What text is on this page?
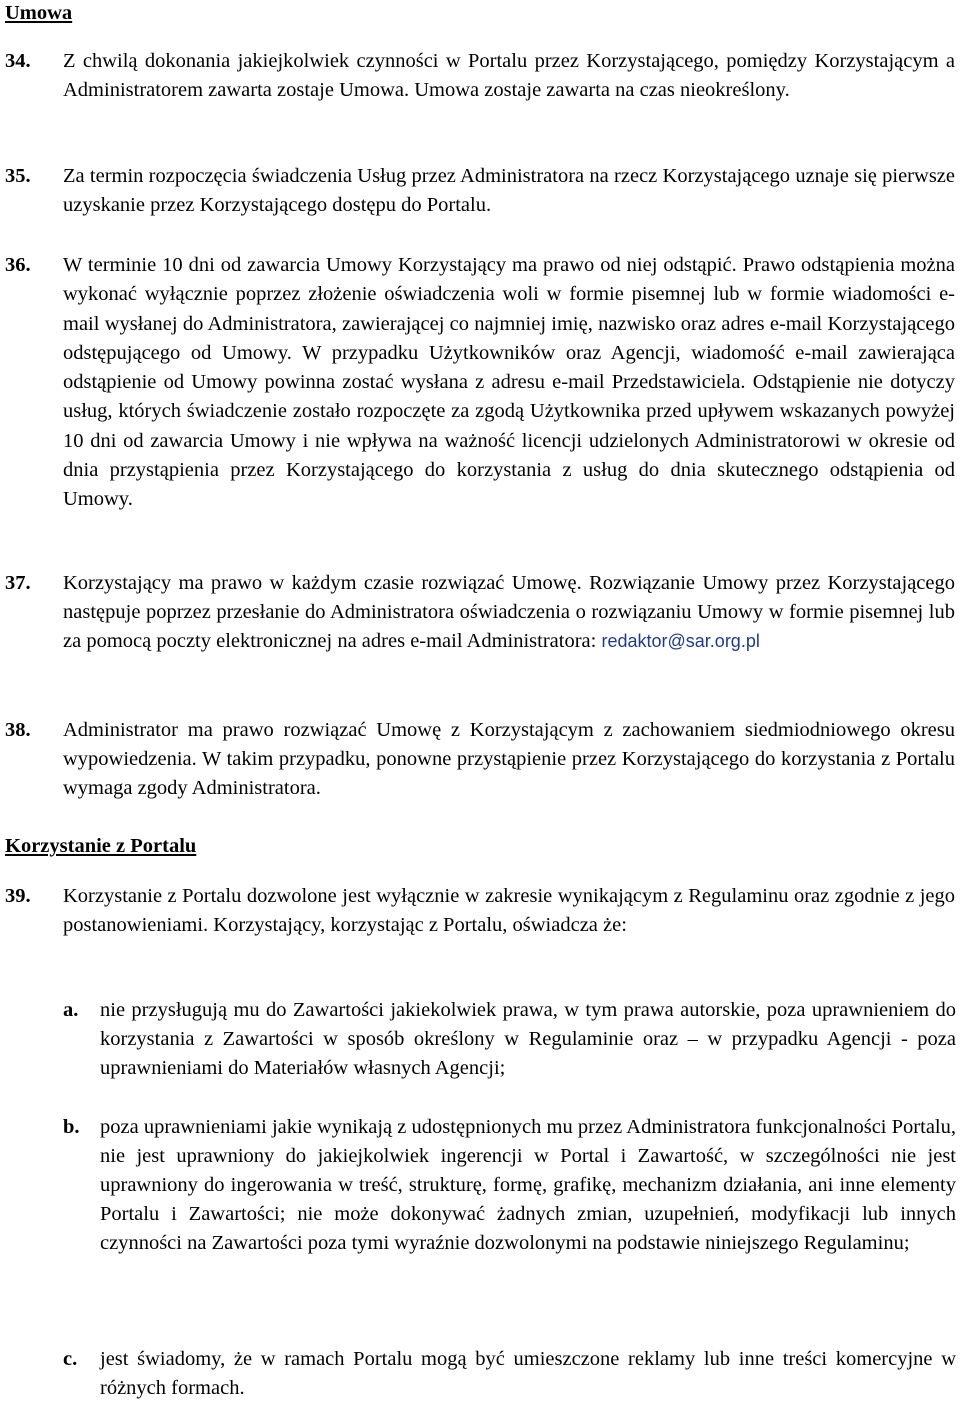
Umowa
34. Z chwilą dokonania jakiejkolwiek czynności w Portalu przez Korzystającego, pomiędzy Korzystającym a Administratorem zawarta zostaje Umowa. Umowa zostaje zawarta na czas nieokreślony.

35. Za termin rozpoczęcia świadczenia Usług przez Administratora na rzecz Korzystającego uznaje się pierwsze uzyskanie przez Korzystającego dostępu do Portalu.

36. W terminie 10 dni od zawarcia Umowy Korzystający ma prawo od niej odstąpić. Prawo odstąpienia można wykonać wyłącznie poprzez złożenie oświadczenia woli w formie pisemnej lub w formie wiadomości e-mail wysłanej do Administratora, zawierającej co najmniej imię, nazwisko oraz adres e-mail Korzystającego odstępującego od Umowy. W przypadku Użytkowników oraz Agencji, wiadomość e-mail zawierająca odstąpienie od Umowy powinna zostać wysłana z adresu e-mail Przedstawiciela. Odstąpienie nie dotyczy usług, których świadczenie zostało rozpoczęte za zgodą Użytkownika przed upływem wskazanych powyżej 10 dni od zawarcia Umowy i nie wpływa na ważność licencji udzielonych Administratorowi w okresie od dnia przystąpienia przez Korzystającego do korzystania z usług do dnia skutecznego odstąpienia od Umowy.

37. Korzystający ma prawo w każdym czasie rozwiązać Umowę. Rozwiązanie Umowy przez Korzystającego następuje poprzez przesłanie do Administratora oświadczenia o rozwiązaniu Umowy w formie pisemnej lub za pomocą poczty elektronicznej na adres e-mail Administratora: redaktor@sar.org.pl

38. Administrator ma prawo rozwiązać Umowę z Korzystającym z zachowaniem siedmiodniowego okresu wypowiedzenia. W takim przypadku, ponowne przystąpienie przez Korzystającego do korzystania z Portalu wymaga zgody Administratora.

Korzystanie z Portalu
39. Korzystanie z Portalu dozwolone jest wyłącznie w zakresie wynikającym z Regulaminu oraz zgodnie z jego postanowieniami. Korzystający, korzystając z Portalu, oświadcza że:

a. nie przysługują mu do Zawartości jakiekolwiek prawa, w tym prawa autorskie, poza uprawnieniem do korzystania z Zawartości w sposób określony w Regulaminie oraz – w przypadku Agencji - poza uprawnieniami do Materiałów własnych Agencji;

b. poza uprawnieniami jakie wynikają z udostępnionych mu przez Administratora funkcjonalności Portalu, nie jest uprawniony do jakiejkolwiek ingerencji w Portal i Zawartość, w szczególności nie jest uprawniony do ingerowania w treść, strukturę, formę, grafikę, mechanizm działania, ani inne elementy Portalu i Zawartości; nie może dokonywać żadnych zmian, uzupełnień, modyfikacji lub innych czynności na Zawartości poza tymi wyraźnie dozwolonymi na podstawie niniejszego Regulaminu;

c. jest świadomy, że w ramach Portalu mogą być umieszczone reklamy lub inne treści komercyjne w różnych formach.
